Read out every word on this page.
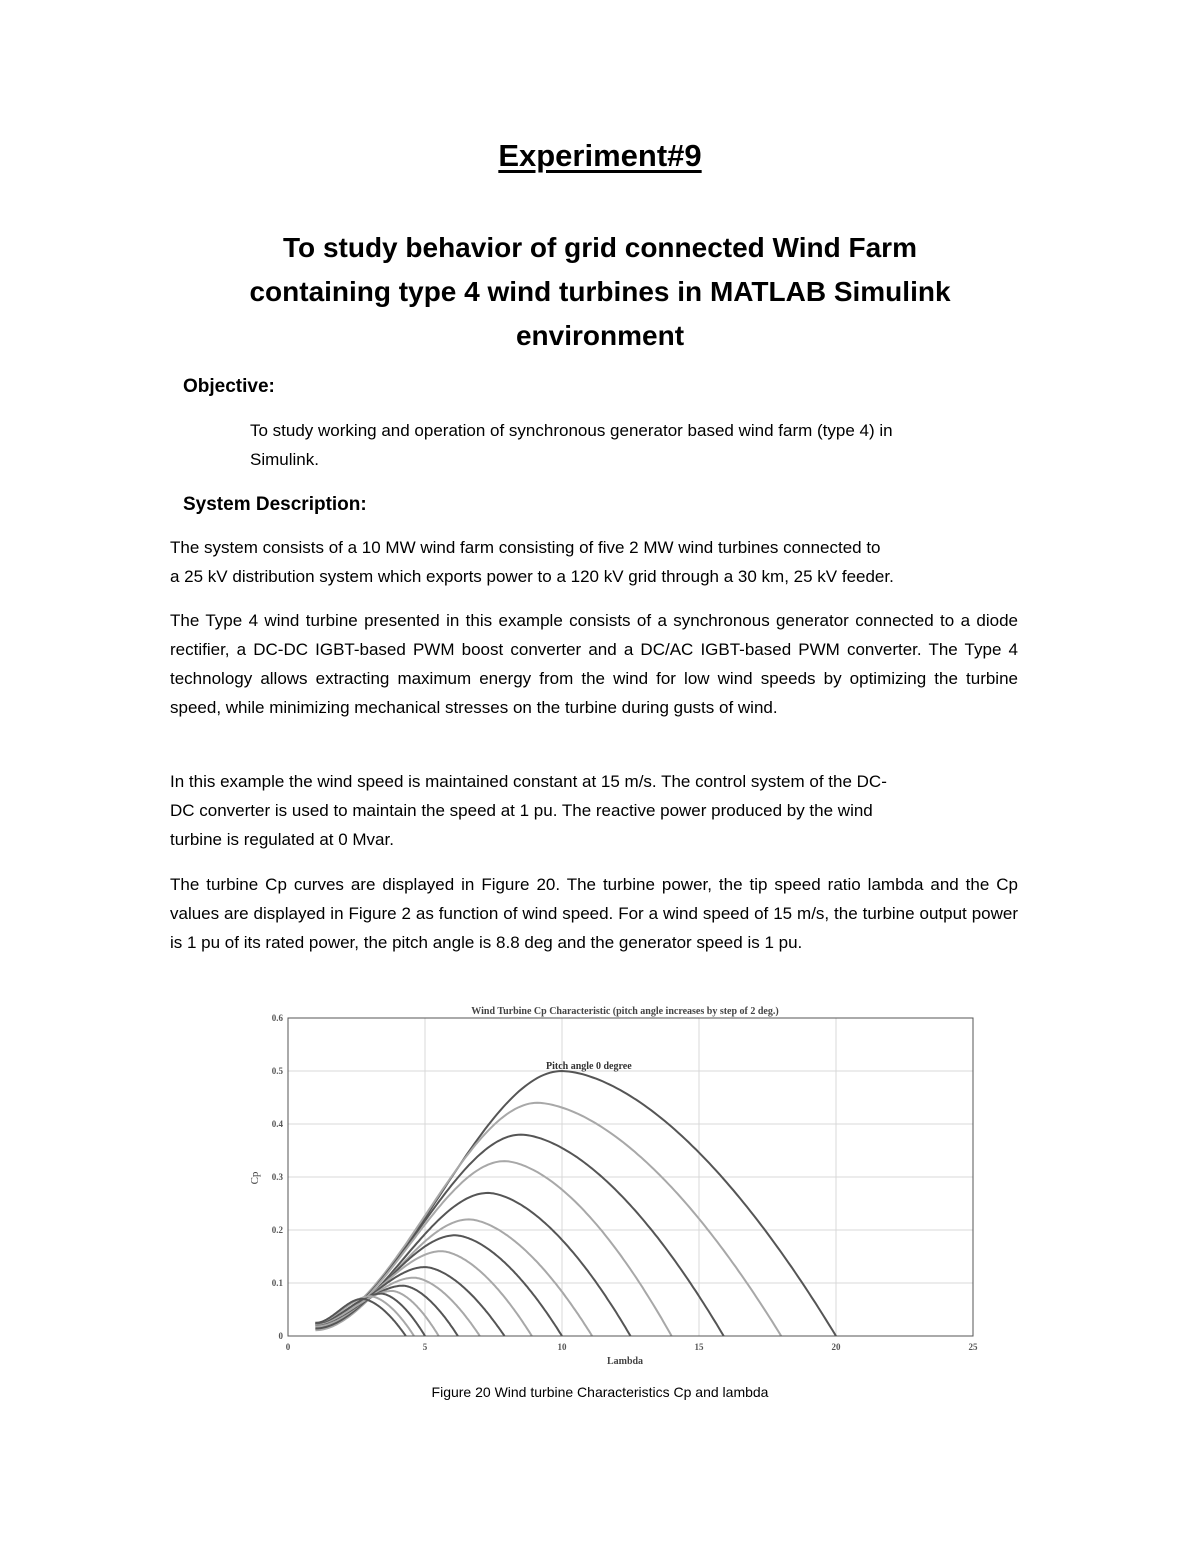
Experiment#9
To study behavior of grid connected Wind Farm
containing type 4 wind turbines in MATLAB Simulink
environment
Objective:
To study working and operation of synchronous generator based wind farm (type 4) in
Simulink.
System Description:
The system consists of a 10 MW wind farm consisting of five 2 MW wind turbines connected to
a 25 kV distribution system which exports power to a 120 kV grid through a 30 km, 25 kV feeder.
The Type 4 wind turbine presented in this example consists of a synchronous generator connected to a diode rectifier, a DC-DC IGBT-based PWM boost converter and a DC/AC IGBT-based PWM converter. The Type 4 technology allows extracting maximum energy from the wind for low wind speeds by optimizing the turbine speed, while minimizing mechanical stresses on the turbine during gusts of wind.
In this example the wind speed is maintained constant at 15 m/s. The control system of the DC-
DC converter is used to maintain the speed at 1 pu. The reactive power produced by the wind
turbine is regulated at 0 Mvar.
The turbine Cp curves are displayed in Figure 20. The turbine power, the tip speed ratio lambda and the Cp values are displayed in Figure 2 as function of wind speed. For a wind speed of 15 m/s, the turbine output power is 1 pu of its rated power, the pitch angle is 8.8 deg and the generator speed is 1 pu.
0	5	10	15	20	25
0
0.1
0.2
0.3
0.4
0.5
0.6
Wind Turbine Cp Characteristic (pitch angle increases by step of 2 deg.)
Pitch angle 0 degree
Lambda
Cp
Figure 20 Wind turbine Characteristics Cp and lambda
